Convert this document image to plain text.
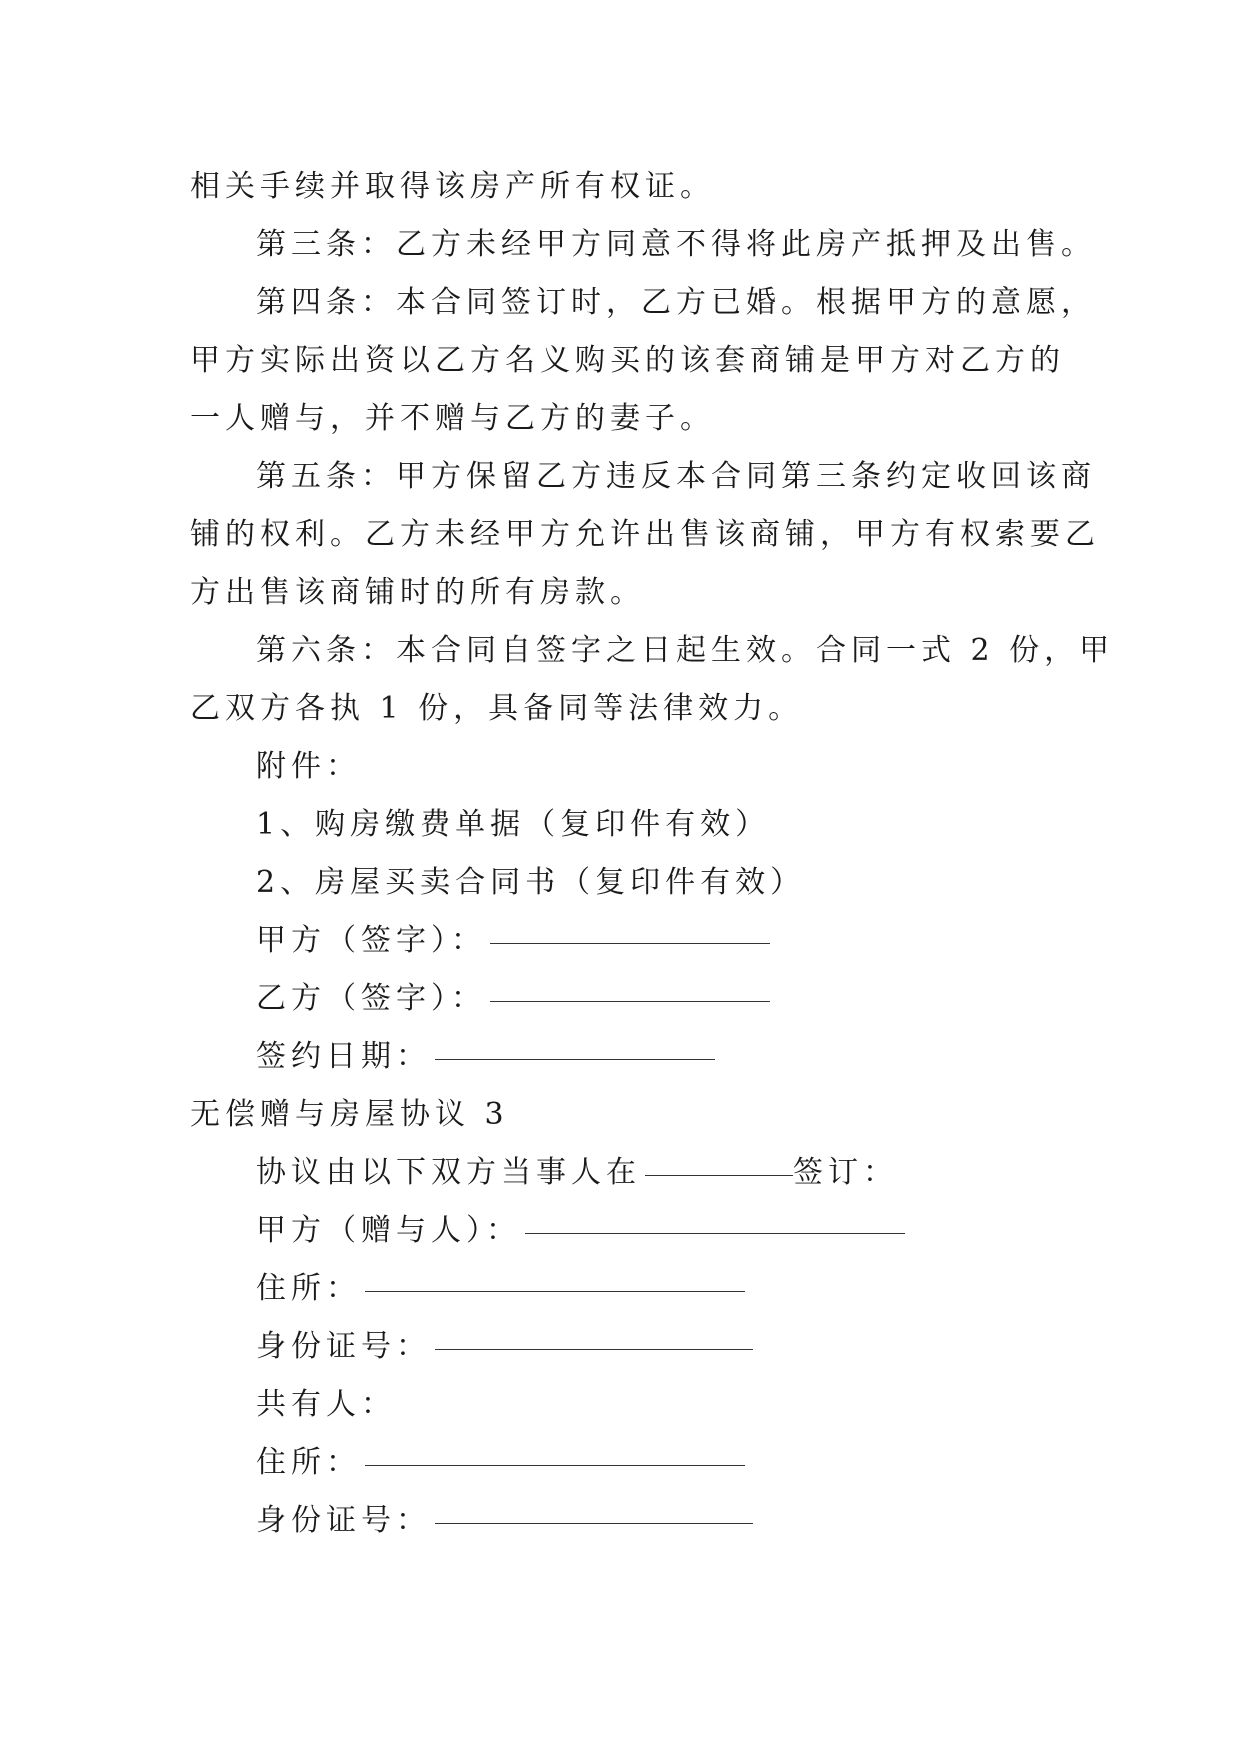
相关手续并取得该房产所有权证。
第三条：乙方未经甲方同意不得将此房产抵押及出售。
第四条：本合同签订时，乙方已婚。根据甲方的意愿，
甲方实际出资以乙方名义购买的该套商铺是甲方对乙方的
一人赠与，并不赠与乙方的妻子。
第五条：甲方保留乙方违反本合同第三条约定收回该商
铺的权利。乙方未经甲方允许出售该商铺，甲方有权索要乙
方出售该商铺时的所有房款。
第六条：本合同自签字之日起生效。合同一式 2 份，甲
乙双方各执 1 份，具备同等法律效力。
附件：
1、购房缴费单据（复印件有效）
2、房屋买卖合同书（复印件有效）
甲方（签字）：
乙方（签字）：
签约日期：
无偿赠与房屋协议 3
协议由以下双方当事人在	签订：
甲方（赠与人）：
住所：
身份证号：
共有人：
住所：
身份证号：
